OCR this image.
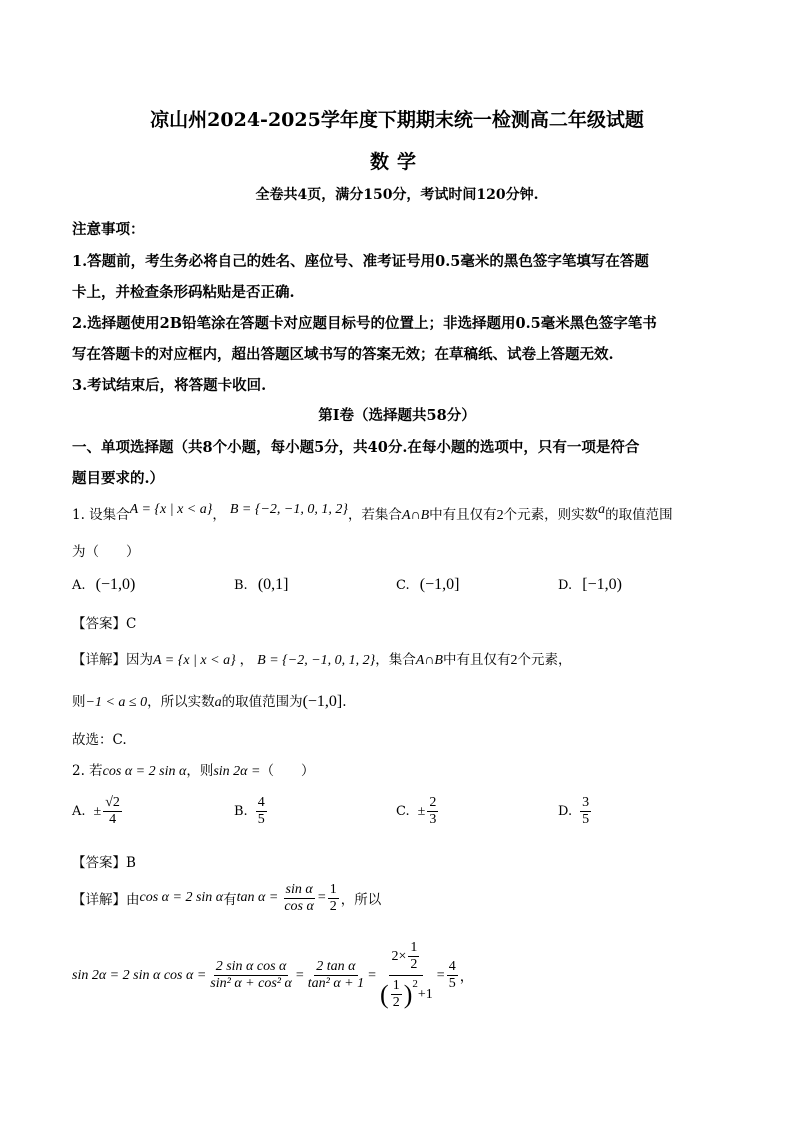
凉山州2024-2025学年度下期期末统一检测高二年级试题
数学
全卷共4页，满分150分，考试时间120分钟.
注意事项：
1.答题前，考生务必将自己的姓名、座位号、准考证号用0.5毫米的黑色签字笔填写在答题
卡上，并检查条形码粘贴是否正确.
2.选择题使用2B铅笔涂在答题卡对应题目标号的位置上；非选择题用0.5毫米黑色签字笔书
写在答题卡的对应框内，超出答题区域书写的答案无效；在草稿纸、试卷上答题无效.
3.考试结束后，将答题卡收回.
第Ⅰ卷（选择题共58分）
一、单项选择题（共8个小题，每小题5分，共40分.在每小题的选项中，只有一项是符合
题目要求的.）
1. 设集合A = {x | x < a}， B = {−2, −1, 0, 1, 2}，若集合A∩B中有且仅有2个元素，则实数a的取值范围
为（　　）
A. (−1,0)	B. (0,1]	C. (−1,0]	D. [−1,0)
【答案】C
【详解】因为A = {x | x < a} ， B = {−2, −1, 0, 1, 2}，集合A∩B中有且仅有2个元素，
则−1 < a ≤ 0，所以实数a的取值范围为(−1,0].
故选：C.
2. 若cos α = 2 sin α，则sin 2α =（　　）
A. ± $\frac{√2}{4}$	B. $\frac{4}{5}$	C. ± $\frac{2}{3}$	D. $\frac{3}{5}$
【答案】B
【详解】 由 cos α = 2 sin α 有 $\tan \alpha = \frac{\text{sin α}}{\text{cos α}} = \frac{1}{2}$ ，所以
sin 2α = 2 sin α $\cos \alpha = \frac{\text{2 sin α cos α}}{\text{sin² α + cos² α}} = \frac{\text{2 tan α}}{\text{tan² α + 1}} = 2\times \frac{1}{2}$
( $\frac{1}{2}$ ) 2
$+1 = \frac{4}{5}$ ，
